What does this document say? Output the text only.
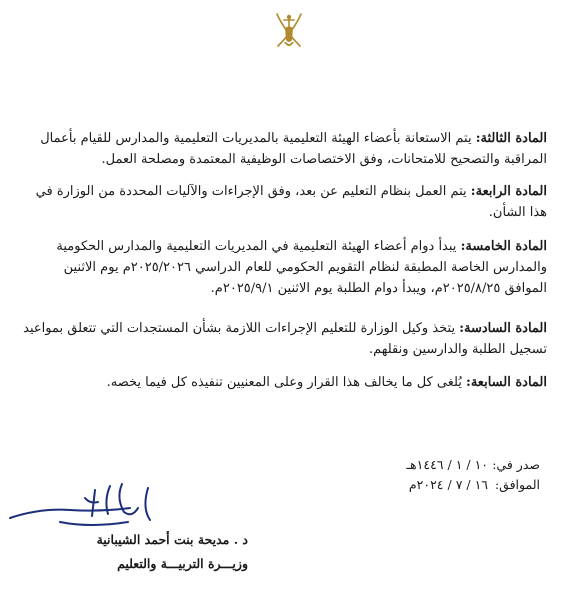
المادة الثالثة: يتم الاستعانة بأعضاء الهيئة التعليمية بالمديريات التعليمية والمدارس للقيام بأعمال المراقبة والتصحيح للامتحانات، وفق الاختصاصات الوظيفية المعتمدة ومصلحة العمل.

المادة الرابعة: يتم العمل بنظام التعليم عن بعد، وفق الإجراءات والآليات المحددة من الوزارة في هذا الشأن.

المادة الخامسة: يبدأ دوام أعضاء الهيئة التعليمية في المديريات التعليمية والمدارس الحكومية والمدارس الخاصة المطبقة لنظام التقويم الحكومي للعام الدراسي ٢٠٢٥/٢٠٢٦م يوم الاثنين الموافق ٢٠٢٥/٨/٢٥م، ويبدأ دوام الطلبة يوم الاثنين ٢٠٢٥/٩/١م.

المادة السادسة: يتخذ وكيل الوزارة للتعليم الإجراءات اللازمة بشأن المستجدات التي تتعلق بمواعيد تسجيل الطلبة والدارسين ونقلهم.

المادة السابعة: يُلغى كل ما يخالف هذا القرار وعلى المعنيين تنفيذه كل فيما يخصه.

صدر في: ١٠ / ١ / ١٤٤٦هـ
الموافق: ١٦ / ٧ / ٢٠٢٤م
د . مديحة بنت أحمد الشيبانية
وزيـــرة التربيـــة والتعليم
